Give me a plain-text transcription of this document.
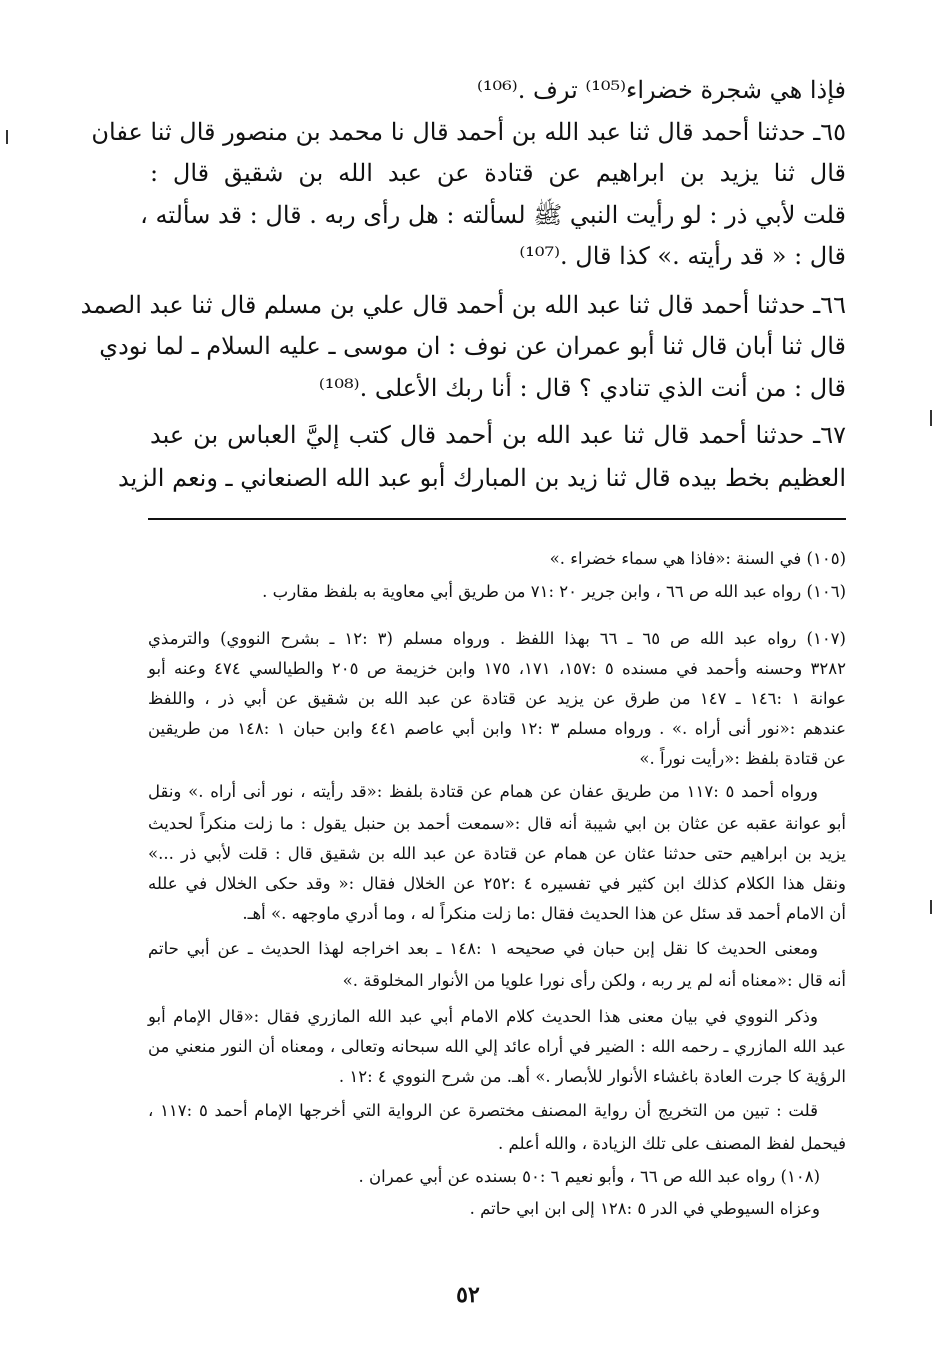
فإذا هي شجرة خضراء⁽¹⁰⁵⁾ ترف .⁽¹⁰⁶⁾
٦٥ـ حدثنا أحمد قال ثنا عبد الله بن أحمد قال نا محمد بن منصور قال ثنا عفان
قال ثنا يزيد بن ابراهيم عن قتادة عن عبد الله بن شقيق قال :
قلت لأبي ذر : لو رأيت النبي ﷺ لسألته : هل رأى ربه . قال : قد سألته ،
قال : « قد رأيته .» كذا قال .⁽¹⁰⁷⁾
٦٦ـ حدثنا أحمد قال ثنا عبد الله بن أحمد قال علي بن مسلم قال ثنا عبد الصمد
قال ثنا أبان قال ثنا أبو عمران عن نوف : ان موسى ـ عليه السلام ـ لما نودي
قال : من أنت الذي تنادي ؟ قال : أنا ربك الأعلى .⁽¹⁰⁸⁾
٦٧ـ حدثنا أحمد قال ثنا عبد الله بن أحمد قال كتب إليَّ العباس بن عبد
العظيم بخط بيده قال ثنا زيد بن المبارك أبو عبد الله الصنعاني ـ ونعم الزيد
(١٠٥) في السنة :«فاذا هي سماء خضراء .»
(١٠٦) رواه عبد الله ص ٦٦ ، وابن جرير ٢٠ :٧١ من طريق أبي معاوية به بلفظ مقارب .
(١٠٧) رواه عبد الله ص ٦٥ ـ ٦٦ بهذا اللفظ . ورواه مسلم (٣ :١٢ ـ بشرح النووي) والترمذي
٣٢٨٢ وحسنه وأحمد في مسنده ٥ :١٥٧، ١٧١، ١٧٥ وابن خزيمة ص ٢٠٥ والطيالسي ٤٧٤ وعنه أبو
عوانة ١ :١٤٦ ـ ١٤٧ من طرق عن يزيد عن قتادة عن عبد الله بن شقيق عن أبي ذر ، واللفظ
عندهم :«نور أنى أراه .» . ورواه مسلم ٣ :١٢ وابن أبي عاصم ٤٤١ وابن حبان ١ :١٤٨ من طريقين
عن قتادة بلفظ :«رأيت نوراً .»
ورواه أحمد ٥ :١١٧ من طريق عفان عن همام عن قتادة بلفظ :«قد رأيته ، نور أنى أراه .» ونقل
أبو عوانة عقبه عن عثان بن ابي شيبة أنه قال :«سمعت أحمد بن حنبل يقول : ما زلت منكراً لحديث
يزيد بن ابراهيم حتى حدثنا عثان عن همام عن قتادة عن عبد الله بن شقيق قال : قلت لأبي ذر ...»
ونقل هذا الكلام كذلك ابن كثير في تفسيره ٤ :٢٥٢ عن الخلال فقال :« وقد حكى الخلال في علله
أن الامام أحمد قد سئل عن هذا الحديث فقال :ما زلت منكراً له ، وما أدري ماوجهه .» أهـ.
ومعنى الحديث كا نقل إبن حبان في صحيحه ١ :١٤٨ ـ بعد اخراجه لهذا الحديث ـ عن أبي حاتم
أنه قال :«معناه أنه لم ير ربه ، ولكن رأى نورا علويا من الأنوار المخلوقة .»
وذكر النووي في بيان معنى هذا الحديث كلام الامام أبي عبد الله المازري فقال :«قال الإمام أبو
عبد الله المازري ـ رحمه الله : الضير في أراه عائد إلي الله سبحانه وتعالى ، ومعناه أن النور منعني من
الرؤية كا جرت العادة باغشاء الأنوار للأبصار .» أهـ. من شرح النووي ٤ :١٢ .
قلت : تبين من التخريج أن رواية المصنف مختصرة عن الرواية التي أخرجها الإمام أحمد ٥ :١١٧ ،
فيحمل لفظ المصنف على تلك الزيادة ، والله أعلم .
(١٠٨) رواه عبد الله ص ٦٦ ، وأبو نعيم ٦ :٥٠ بسنده عن أبي عمران .
وعزاه السيوطي في الدر ٥ :١٢٨ إلى ابن ابي حاتم .
٥٢
